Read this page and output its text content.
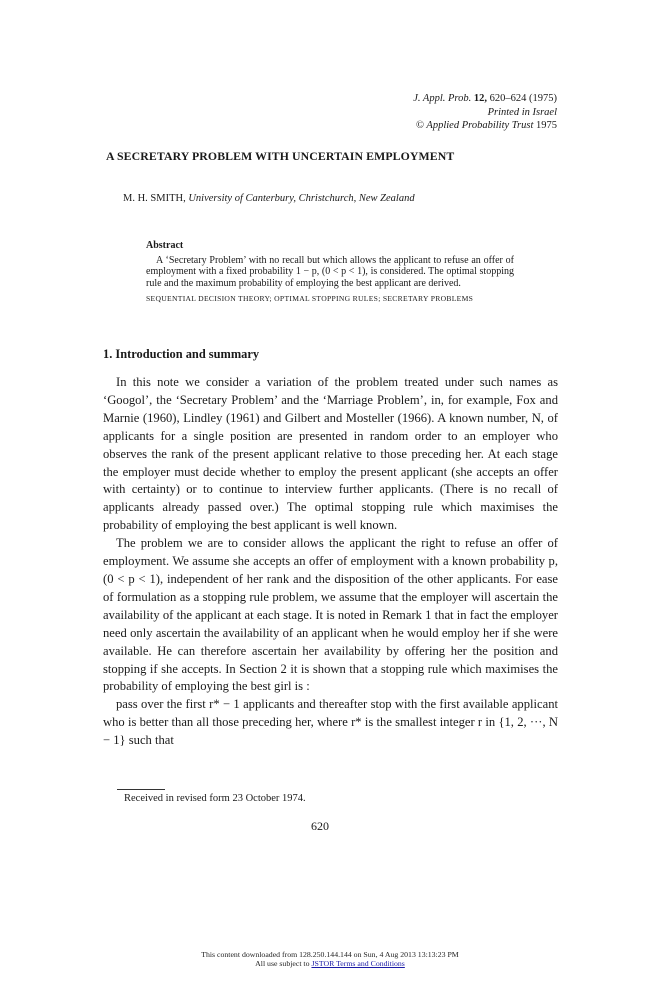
J. Appl. Prob. 12, 620–624 (1975)
Printed in Israel
© Applied Probability Trust 1975
A SECRETARY PROBLEM WITH UNCERTAIN EMPLOYMENT
M. H. SMITH, University of Canterbury, Christchurch, New Zealand
Abstract
A ‘Secretary Problem’ with no recall but which allows the applicant to refuse an offer of employment with a fixed probability 1 − p, (0 < p < 1), is considered. The optimal stopping rule and the maximum probability of employing the best applicant are derived.
SEQUENTIAL DECISION THEORY; OPTIMAL STOPPING RULES; SECRETARY PROBLEMS
1. Introduction and summary

In this note we consider a variation of the problem treated under such names as ‘Googol’, the ‘Secretary Problem’ and the ‘Marriage Problem’, in, for example, Fox and Marnie (1960), Lindley (1961) and Gilbert and Mosteller (1966). A known number, N, of applicants for a single position are presented in random order to an employer who observes the rank of the present applicant relative to those preceding her. At each stage the employer must decide whether to employ the present applicant (she accepts an offer with certainty) or to continue to interview further applicants. (There is no recall of applicants already passed over.) The optimal stopping rule which maximises the probability of employing the best applicant is well known.

The problem we are to consider allows the applicant the right to refuse an offer of employment. We assume she accepts an offer of employment with a known probability p, (0 < p < 1), independent of her rank and the disposition of the other applicants. For ease of formulation as a stopping rule problem, we assume that the employer will ascertain the availability of the applicant at each stage. It is noted in Remark 1 that in fact the employer need only ascertain the availability of an applicant when he would employ her if she were available. He can therefore ascertain her availability by offering her the position and stopping if she accepts. In Section 2 it is shown that a stopping rule which maximises the probability of employing the best girl is :

pass over the first r* − 1 applicants and thereafter stop with the first available applicant who is better than all those preceding her, where r* is the smallest integer r in {1, 2, ···, N − 1} such that

Received in revised form 23 October 1974.
620
This content downloaded from 128.250.144.144 on Sun, 4 Aug 2013 13:13:23 PM
All use subject to JSTOR Terms and Conditions
